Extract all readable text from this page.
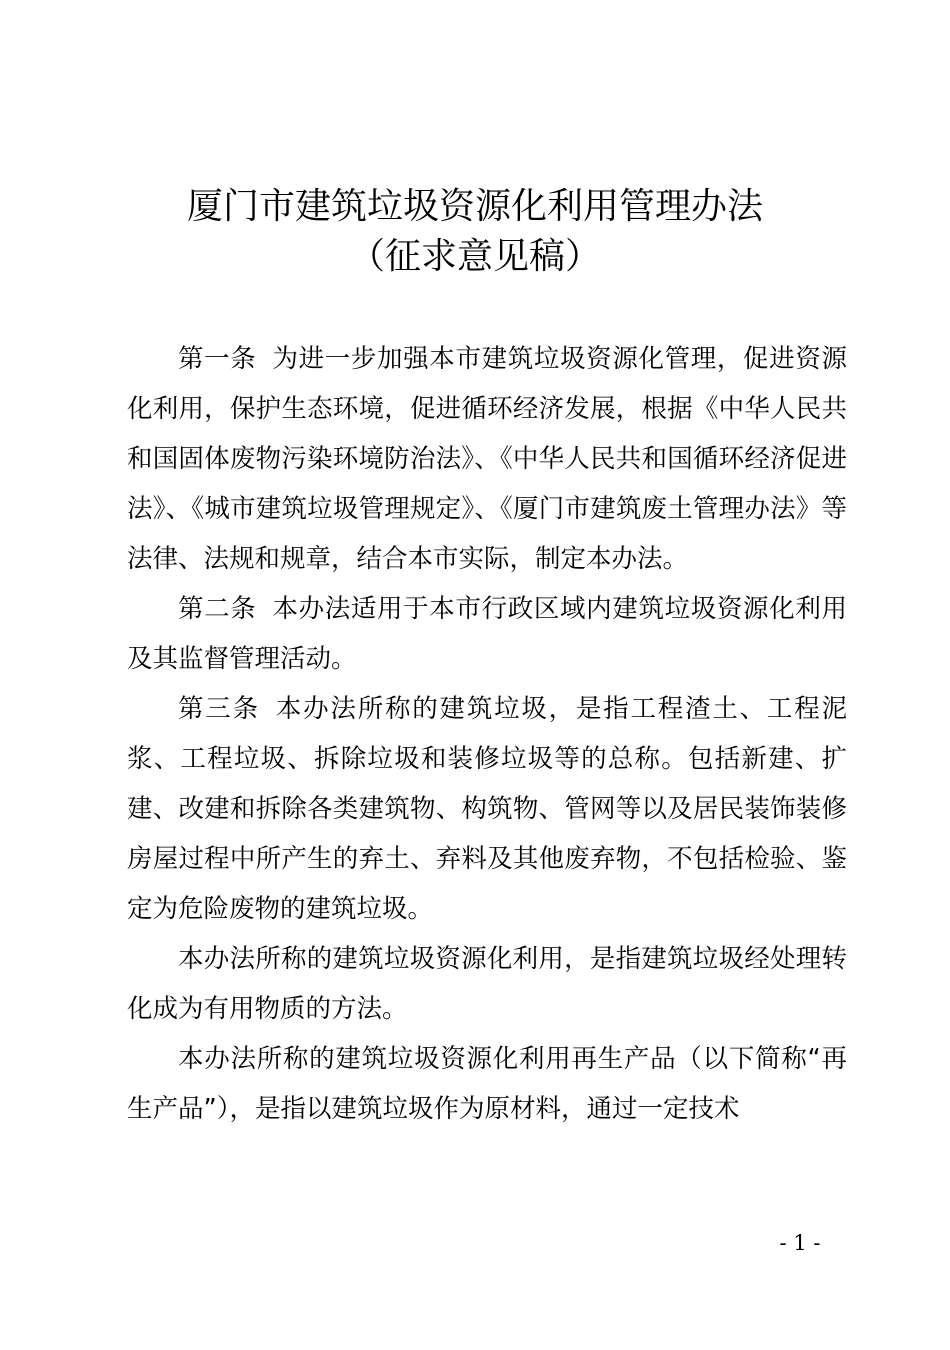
厦门市建筑垃圾资源化利用管理办法
（征求意见稿）

第一条 为进一步加强本市建筑垃圾资源化管理，促进资源化利用，保护生态环境，促进循环经济发展，根据《中华人民共和国固体废物污染环境防治法》、《中华人民共和国循环经济促进法》、《城市建筑垃圾管理规定》、《厦门市建筑废土管理办法》等法律、法规和规章，结合本市实际，制定本办法。

第二条 本办法适用于本市行政区域内建筑垃圾资源化利用及其监督管理活动。

第三条 本办法所称的建筑垃圾，是指工程渣土、工程泥浆、工程垃圾、拆除垃圾和装修垃圾等的总称。包括新建、扩建、改建和拆除各类建筑物、构筑物、管网等以及居民装饰装修房屋过程中所产生的弃土、弃料及其他废弃物，不包括检验、鉴定为危险废物的建筑垃圾。

本办法所称的建筑垃圾资源化利用，是指建筑垃圾经处理转化成为有用物质的方法。

本办法所称的建筑垃圾资源化利用再生产品（以下简称“再生产品”），是指以建筑垃圾作为原材料，通过一定技术

- 1 -
